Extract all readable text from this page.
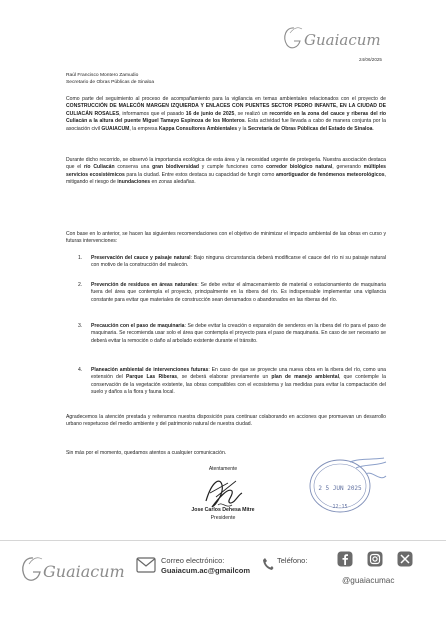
Guaiacum
24/06/2025
Raúl Francisco Montero Zamudio
Secretario de Obras Públicas de Sinaloa
Como parte del seguimiento al proceso de acompañamiento para la vigilancia en temas ambientales relacionados con el proyecto de CONSTRUCCIÓN DE MALECÓN MARGEN IZQUIERDA Y ENLACES CON PUENTES SECTOR PEDRO INFANTE, EN LA CIUDAD DE CULIACÁN ROSALES, informamos que el pasado 16 de junio de 2025, se realizó un recorrido en la zona del cauce y riberas del río Culiacán a la altura del puente Miguel Tamayo Espinoza de los Monteros. Esta actividad fue llevada a cabo de manera conjunta por la asociación civil GUAIACUM, la empresa Kappa Consultores Ambientales y la Secretaría de Obras Públicas del Estado de Sinaloa.
Durante dicho recorrido, se observó la importancia ecológica de esta área y la necesidad urgente de protegerla. Nuestra asociación destaca que el río Culiacán conserva una gran biodiversidad y cumple funciones como corredor biológico natural, generando múltiples servicios ecosistémicos para la ciudad. Entre estos destaca su capacidad de fungir como amortiguador de fenómenos meteorológicos, mitigando el riesgo de inundaciones en zonas aledañas.
Con base en lo anterior, se hacen las siguientes recomendaciones con el objetivo de minimizar el impacto ambiental de las obras en curso y futuras intervenciones:
1.	Preservación del cauce y paisaje natural: Bajo ninguna circunstancia deberá modificarse el cauce del río ni su paisaje natural con motivo de la construcción del malecón.
2.	Prevención de residuos en áreas naturales: Se debe evitar el almacenamiento de material o estacionamiento de maquinaria fuera del área que contempla el proyecto, principalmente en la ribera del río. Es indispensable implementar una vigilancia constante para evitar que materiales de construcción sean derramados o abandonados en las riberas del río.
3.	Precaución con el paso de maquinaria: Se debe evitar la creación o expansión de senderos en la ribera del río para el paso de maquinaria. Se recomienda usar solo el área que contempla el proyecto para el paso de maquinaria. En caso de ser necesario se deberá evitar la remoción o daño al arbolado existente durante el tránsito.
4.	Planeación ambiental de intervenciones futuras: En caso de que se proyecte una nueva obra en la ribera del río, como una extensión del Parque Las Riberas, se deberá elaborar previamente un plan de manejo ambiental, que contemple la conservación de la vegetación existente, las obras compatibles con el ecosistema y las medidas para evitar la compactación del suelo y daños a la flora y fauna local.
Agradecemos la atención prestada y reiteramos nuestra disposición para continuar colaborando en acciones que promuevan un desarrollo urbano respetuoso del medio ambiente y del patrimonio natural de nuestra ciudad.
Sin más por el momento, quedamos atentos a cualquier comunicación.
Atentamente
Jose Carlos Dehesa Mitre
Presidente
2 5 JUN 2025
12:15
Guaiacum
Correo electrónico:
Guaiacum.ac@gmailcom
Teléfono:
@guaiacumac
